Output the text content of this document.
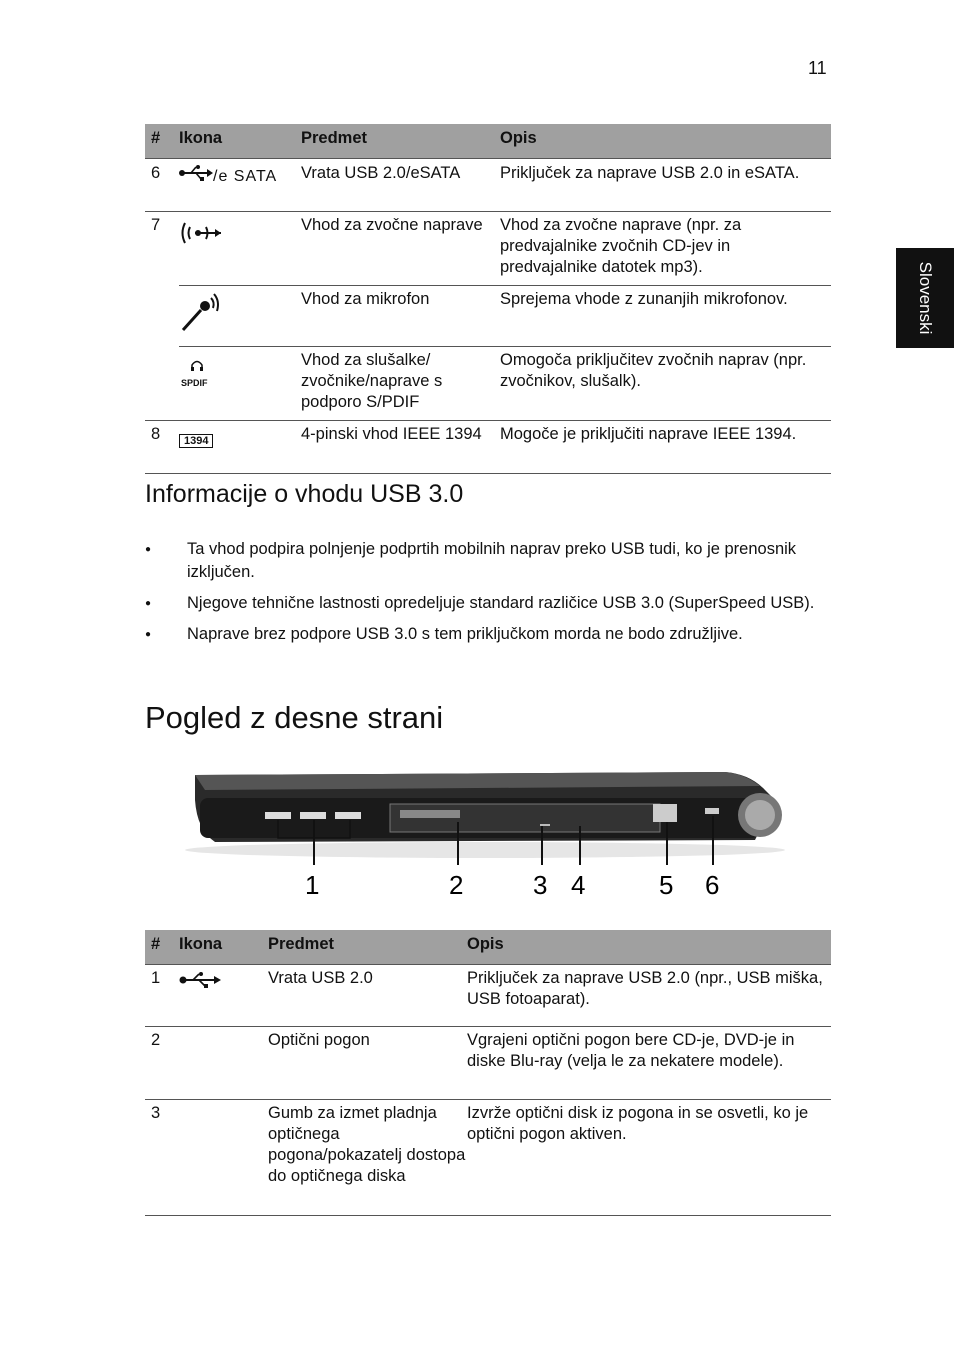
11
Slovenski
#	Ikona	Predmet	Opis
6	/e SATA	Vrata USB 2.0/eSATA	Priključek za naprave USB 2.0 in eSATA.
7		Vhod za zvočne naprave	Vhod za zvočne naprave (npr. za predvajalnike zvočnih CD-jev in predvajalnike datotek mp3).
		Vhod za mikrofon	Sprejema vhode z zunanjih mikrofonov.

	SPDIF	Vhod za slušalke/ zvočnike/naprave s podporo S/PDIF	Omogoča priključitev zvočnih naprav (npr. zvočnikov, slušalk).
8	1394	4-pinski vhod IEEE 1394	Mogoče je priključiti naprave IEEE 1394.
Informacije o vhodu USB 3.0
● Ta vhod podpira polnjenje podprtih mobilnih naprav preko USB tudi, ko je prenosnik izključen.
● Njegove tehnične lastnosti opredeljuje standard različice USB 3.0 (SuperSpeed USB).
● Naprave brez podpore USB 3.0 s tem priključkom morda ne bodo združljive.
Pogled z desne strani
1	2	3 4	5 6
#	Ikona	Predmet	Opis
1		Vrata USB 2.0	Priključek za naprave USB 2.0 (npr., USB miška, USB fotoaparat).
2		Optični pogon	Vgrajeni optični pogon bere CD-je, DVD-je in diske Blu-ray (velja le za nekatere modele).
3		Gumb za izmet pladnja optičnega pogona/pokazatelj dostopa do optičnega diska	Izvrže optični disk iz pogona in se osvetli, ko je optični pogon aktiven.
